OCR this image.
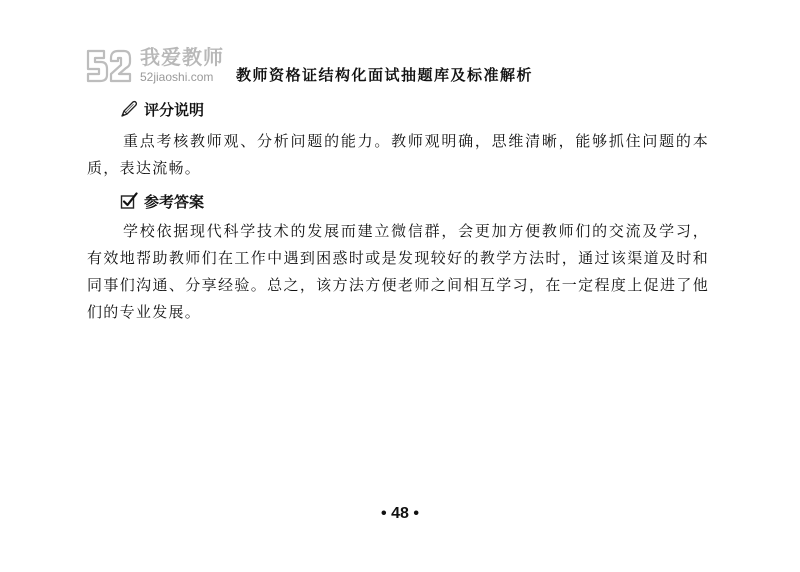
我爱教师
52jiaoshi.com 教师资格证结构化面试抽题库及标准解析
评分说明

重点考核教师观、分析问题的能力。教师观明确，思维清晰，能够抓住问题的本质，表达流畅。

参考答案

学校依据现代科学技术的发展而建立微信群，会更加方便教师们的交流及学习，有效地帮助教师们在工作中遇到困惑时或是发现较好的教学方法时，通过该渠道及时和同事们沟通、分享经验。总之，该方法方便老师之间相互学习，在一定程度上促进了他们的专业发展。

• 48 •
